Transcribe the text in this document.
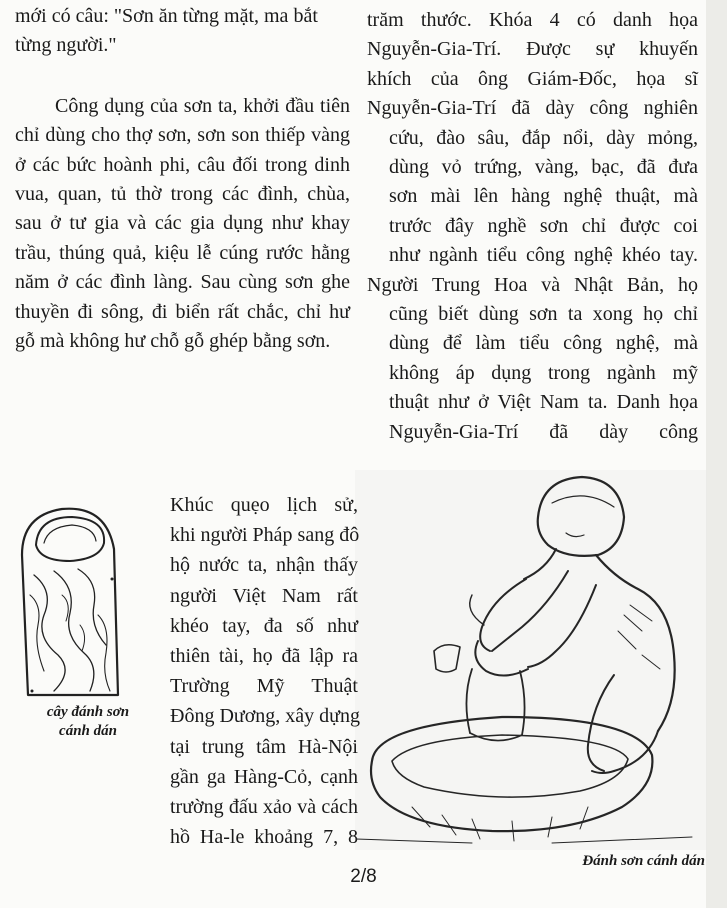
mới có câu: "Sơn ăn từng mặt, ma bắt từng người."

Công dụng của sơn ta, khởi đầu tiên chỉ dùng cho thợ sơn, sơn son thiếp vàng ở các bức hoành phi, câu đối trong dinh vua, quan, tủ thờ trong các đình, chùa, sau ở tư gia và các gia dụng như khay trầu, thúng quả, kiệu lễ cúng rước hằng năm ở các đình làng. Sau cùng sơn ghe thuyền đi sông, đi biển rất chắc, chỉ hư gỗ mà không hư chỗ gỗ ghép bằng sơn.

trăm thước. Khóa 4 có danh họa
Nguyễn-Gia-Trí. Được sự khuyến
khích của ông Giám-Đốc, họa sĩ
Nguyễn-Gia-Trí đã dày công nghiên
cứu, đào sâu, đắp nổi, dày mỏng,
dùng vỏ trứng, vàng, bạc, đã đưa
sơn mài lên hàng nghệ thuật, mà
trước đây nghề sơn chỉ được coi
như ngành tiểu công nghệ khéo tay.
Người Trung Hoa và Nhật Bản, họ
cũng biết dùng sơn ta xong họ chỉ
dùng để làm tiểu công nghệ, mà
không áp dụng trong ngành mỹ
thuật như ở Việt Nam ta. Danh họa
Nguyễn-Gia-Trí đã dày công
Khúc quẹo lịch sử,
khi người Pháp sang đô
hộ nước ta, nhận thấy
người Việt Nam rất
khéo tay, đa số như
thiên tài, họ đã lập ra
Trường Mỹ Thuật
Đông Dương, xây dựng
tại trung tâm Hà-Nội
gần ga Hàng-Cỏ, cạnh
trường đấu xảo và cách
hồ Ha-le khoảng 7, 8
cây đánh sơn
cánh dán
Đánh sơn cánh dán
2/8
